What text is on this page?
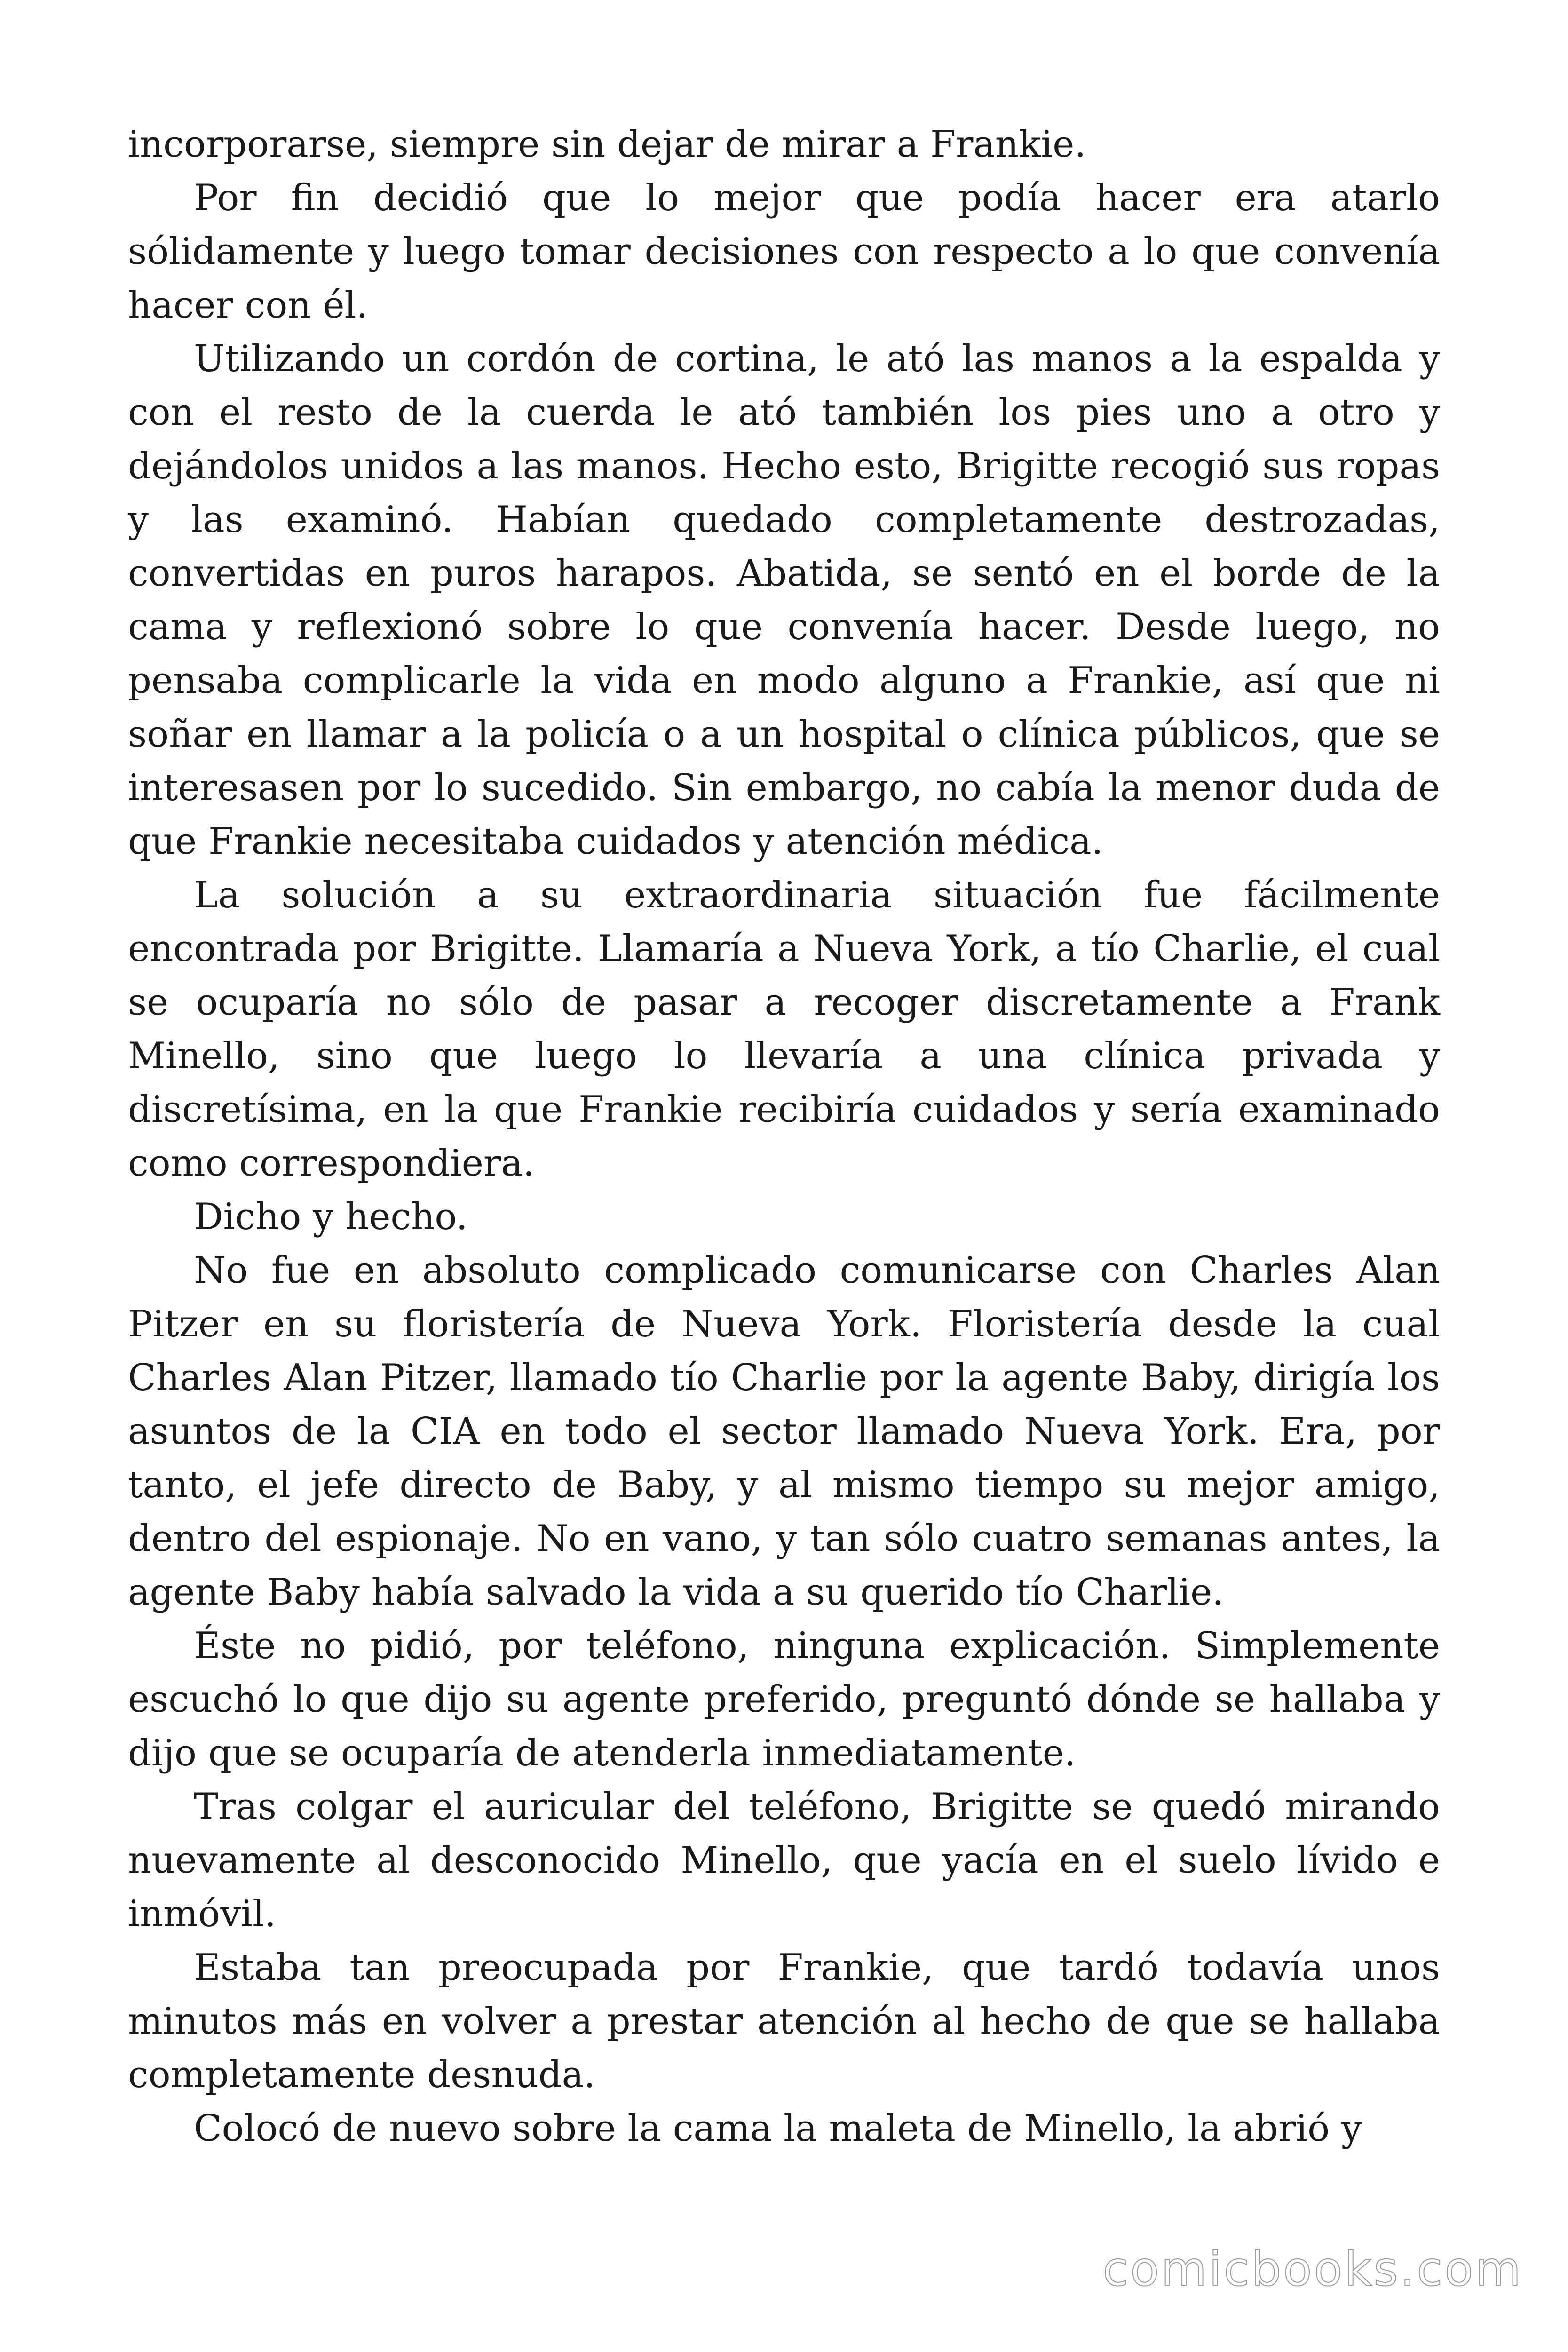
incorporarse, siempre sin dejar de mirar a Frankie.

Por fin decidió que lo mejor que podía hacer era atarlo sólidamente y luego tomar decisiones con respecto a lo que convenía hacer con él.

Utilizando un cordón de cortina, le ató las manos a la espalda y con el resto de la cuerda le ató también los pies uno a otro y dejándolos unidos a las manos. Hecho esto, Brigitte recogió sus ropas y las examinó. Habían quedado completamente destrozadas, convertidas en puros harapos. Abatida, se sentó en el borde de la cama y reflexionó sobre lo que convenía hacer. Desde luego, no pensaba complicarle la vida en modo alguno a Frankie, así que ni soñar en llamar a la policía o a un hospital o clínica públicos, que se interesasen por lo sucedido. Sin embargo, no cabía la menor duda de que Frankie necesitaba cuidados y atención médica.

La solución a su extraordinaria situación fue fácilmente encontrada por Brigitte. Llamaría a Nueva York, a tío Charlie, el cual se ocuparía no sólo de pasar a recoger discretamente a Frank Minello, sino que luego lo llevaría a una clínica privada y discretísima, en la que Frankie recibiría cuidados y sería examinado como correspondiera.

Dicho y hecho.

No fue en absoluto complicado comunicarse con Charles Alan Pitzer en su floristería de Nueva York. Floristería desde la cual Charles Alan Pitzer, llamado tío Charlie por la agente Baby, dirigía los asuntos de la CIA en todo el sector llamado Nueva York. Era, por tanto, el jefe directo de Baby, y al mismo tiempo su mejor amigo, dentro del espionaje. No en vano, y tan sólo cuatro semanas antes, la agente Baby había salvado la vida a su querido tío Charlie.

Éste no pidió, por teléfono, ninguna explicación. Simplemente escuchó lo que dijo su agente preferido, preguntó dónde se hallaba y dijo que se ocuparía de atenderla inmediatamente.

Tras colgar el auricular del teléfono, Brigitte se quedó mirando nuevamente al desconocido Minello, que yacía en el suelo lívido e inmóvil.

Estaba tan preocupada por Frankie, que tardó todavía unos minutos más en volver a prestar atención al hecho de que se hallaba completamente desnuda.

Colocó de nuevo sobre la cama la maleta de Minello, la abrió y

comicbooks.com
